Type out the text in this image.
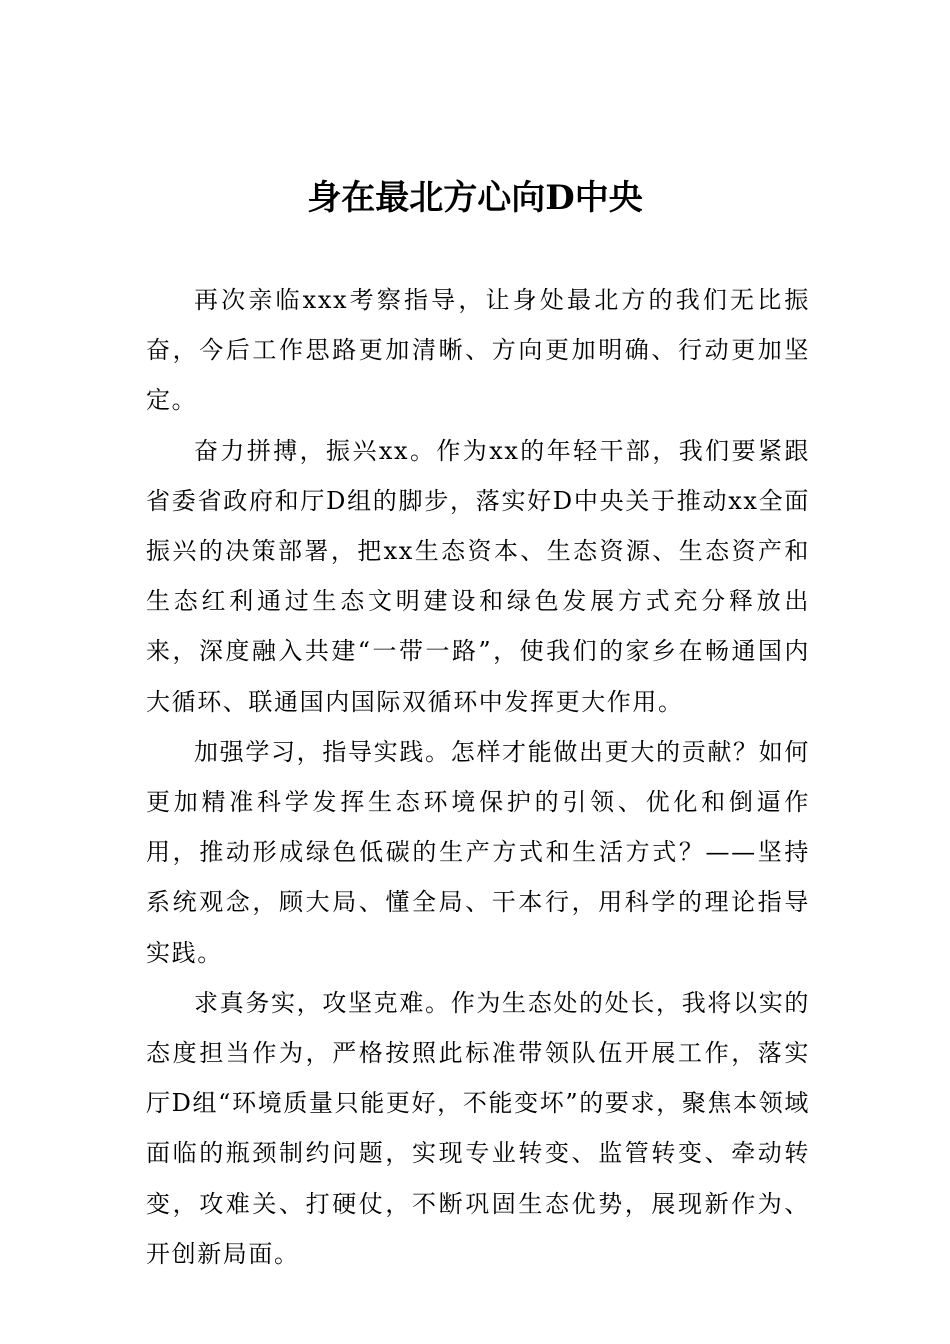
身在最北方心向D中央

再次亲临xxx考察指导，让身处最北方的我们无比振奋，今后工作思路更加清晰、方向更加明确、行动更加坚定。

奋力拼搏，振兴xx。作为xx的年轻干部，我们要紧跟省委省政府和厅D组的脚步，落实好D中央关于推动xx全面振兴的决策部署，把xx生态资本、生态资源、生态资产和生态红利通过生态文明建设和绿色发展方式充分释放出来，深度融入共建“一带一路”，使我们的家乡在畅通国内大循环、联通国内国际双循环中发挥更大作用。

加强学习，指导实践。怎样才能做出更大的贡献？如何更加精准科学发挥生态环境保护的引领、优化和倒逼作用，推动形成绿色低碳的生产方式和生活方式？——坚持系统观念，顾大局、懂全局、干本行，用科学的理论指导实践。

求真务实，攻坚克难。作为生态处的处长，我将以实的态度担当作为，严格按照此标准带领队伍开展工作，落实厅D组“环境质量只能更好，不能变坏”的要求，聚焦本领域面临的瓶颈制约问题，实现专业转变、监管转变、牵动转变，攻难关、打硬仗，不断巩固生态优势，展现新作为、开创新局面。
